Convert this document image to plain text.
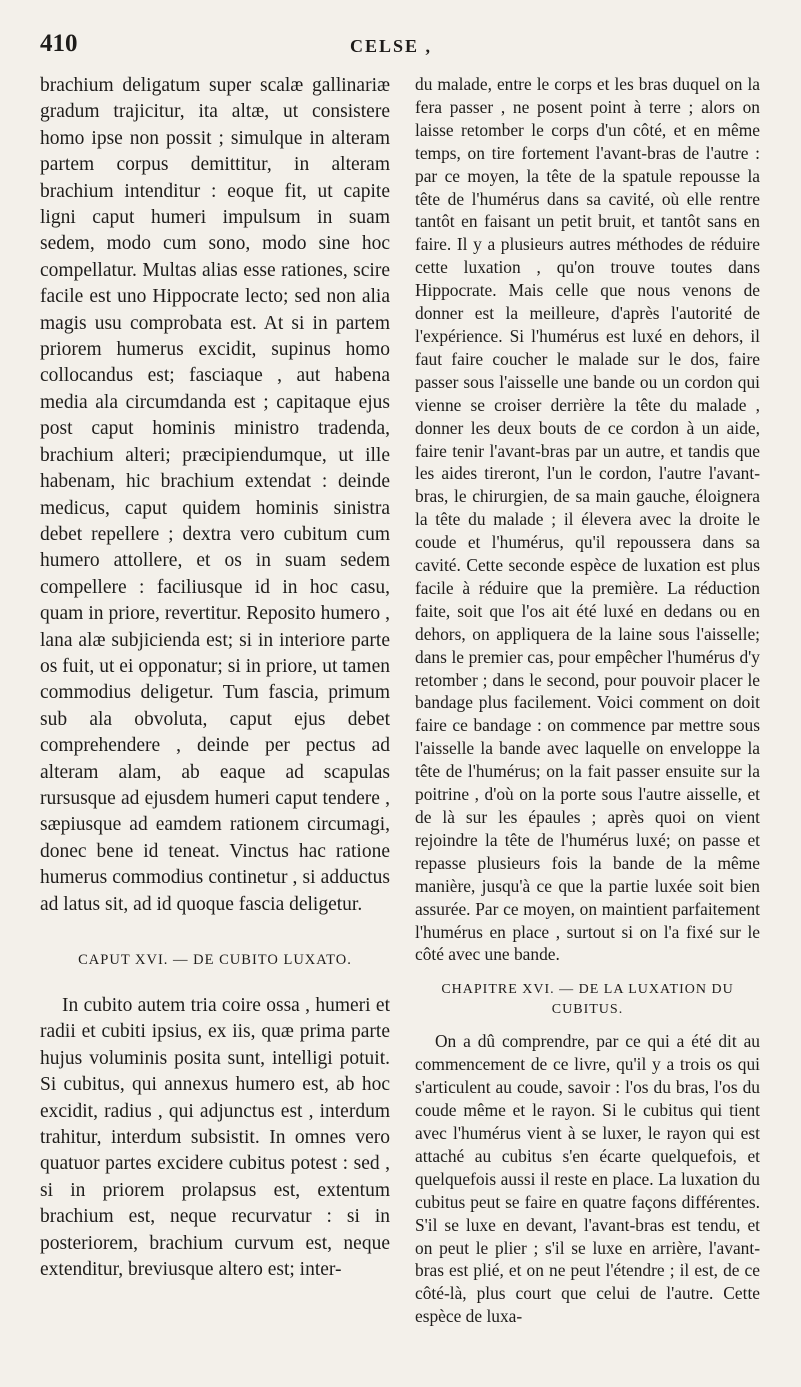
410	CELSE ,

brachium deligatum super scalæ gallinariæ gradum trajicitur, ita altæ, ut consistere homo ipse non possit ; simulque in alteram partem corpus demittitur, in alteram brachium intenditur : eoque fit, ut capite ligni caput humeri impulsum in suam sedem, modo cum sono, modo sine hoc compellatur. Multas alias esse rationes, scire facile est uno Hippocrate lecto; sed non alia magis usu comprobata est. At si in partem priorem humerus excidit, supinus homo collocandus est; fasciaque , aut habena media ala circumdanda est ; capitaque ejus post caput hominis ministro tradenda, brachium alteri; præcipiendumque, ut ille habenam, hic brachium extendat : deinde medicus, caput quidem hominis sinistra debet repellere ; dextra vero cubitum cum humero attollere, et os in suam sedem compellere : faciliusque id in hoc casu, quam in priore, revertitur. Reposito humero , lana alæ subjicienda est; si in interiore parte os fuit, ut ei opponatur; si in priore, ut tamen commodius deligetur. Tum fascia, primum sub ala obvoluta, caput ejus debet comprehendere , deinde per pectus ad alteram alam, ab eaque ad scapulas rursusque ad ejusdem humeri caput tendere , sæpiusque ad eamdem rationem circumagi, donec bene id teneat. Vinctus hac ratione humerus commodius continetur , si adductus ad latus sit, ad id quoque fascia deligetur.

CAPUT XVI. — DE CUBITO LUXATO.

In cubito autem tria coire ossa , humeri et radii et cubiti ipsius, ex iis, quæ prima parte hujus voluminis posita sunt, intelligi potuit. Si cubitus, qui annexus humero est, ab hoc excidit, radius , qui adjunctus est , interdum trahitur, interdum subsistit. In omnes vero quatuor partes excidere cubitus potest : sed , si in priorem prolapsus est, extentum brachium est, neque recurvatur : si in posteriorem, brachium curvum est, neque extenditur, breviusque altero est; inter-

du malade, entre le corps et les bras duquel on la fera passer , ne posent point à terre ; alors on laisse retomber le corps d'un côté, et en même temps, on tire fortement l'avant-bras de l'autre : par ce moyen, la tête de la spatule repousse la tête de l'humérus dans sa cavité, où elle rentre tantôt en faisant un petit bruit, et tantôt sans en faire. Il y a plusieurs autres méthodes de réduire cette luxation , qu'on trouve toutes dans Hippocrate. Mais celle que nous venons de donner est la meilleure, d'après l'autorité de l'expérience. Si l'humérus est luxé en dehors, il faut faire coucher le malade sur le dos, faire passer sous l'aisselle une bande ou un cordon qui vienne se croiser derrière la tête du malade , donner les deux bouts de ce cordon à un aide, faire tenir l'avant-bras par un autre, et tandis que les aides tireront, l'un le cordon, l'autre l'avant-bras, le chirurgien, de sa main gauche, éloignera la tête du malade ; il élevera avec la droite le coude et l'humérus, qu'il repoussera dans sa cavité. Cette seconde espèce de luxation est plus facile à réduire que la première. La réduction faite, soit que l'os ait été luxé en dedans ou en dehors, on appliquera de la laine sous l'aisselle; dans le premier cas, pour empêcher l'humérus d'y retomber ; dans le second, pour pouvoir placer le bandage plus facilement. Voici comment on doit faire ce bandage : on commence par mettre sous l'aisselle la bande avec laquelle on enveloppe la tête de l'humérus; on la fait passer ensuite sur la poitrine , d'où on la porte sous l'autre aisselle, et de là sur les épaules ; après quoi on vient rejoindre la tête de l'humérus luxé; on passe et repasse plusieurs fois la bande de la même manière, jusqu'à ce que la partie luxée soit bien assurée. Par ce moyen, on maintient parfaitement l'humérus en place , surtout si on l'a fixé sur le côté avec une bande.

CHAPITRE XVI. — DE LA LUXATION DU CUBITUS.

On a dû comprendre, par ce qui a été dit au commencement de ce livre, qu'il y a trois os qui s'articulent au coude, savoir : l'os du bras, l'os du coude même et le rayon. Si le cubitus qui tient avec l'humérus vient à se luxer, le rayon qui est attaché au cubitus s'en écarte quelquefois, et quelquefois aussi il reste en place. La luxation du cubitus peut se faire en quatre façons différentes. S'il se luxe en devant, l'avant-bras est tendu, et on peut le plier ; s'il se luxe en arrière, l'avant-bras est plié, et on ne peut l'étendre ; il est, de ce côté-là, plus court que celui de l'autre. Cette espèce de luxa-
